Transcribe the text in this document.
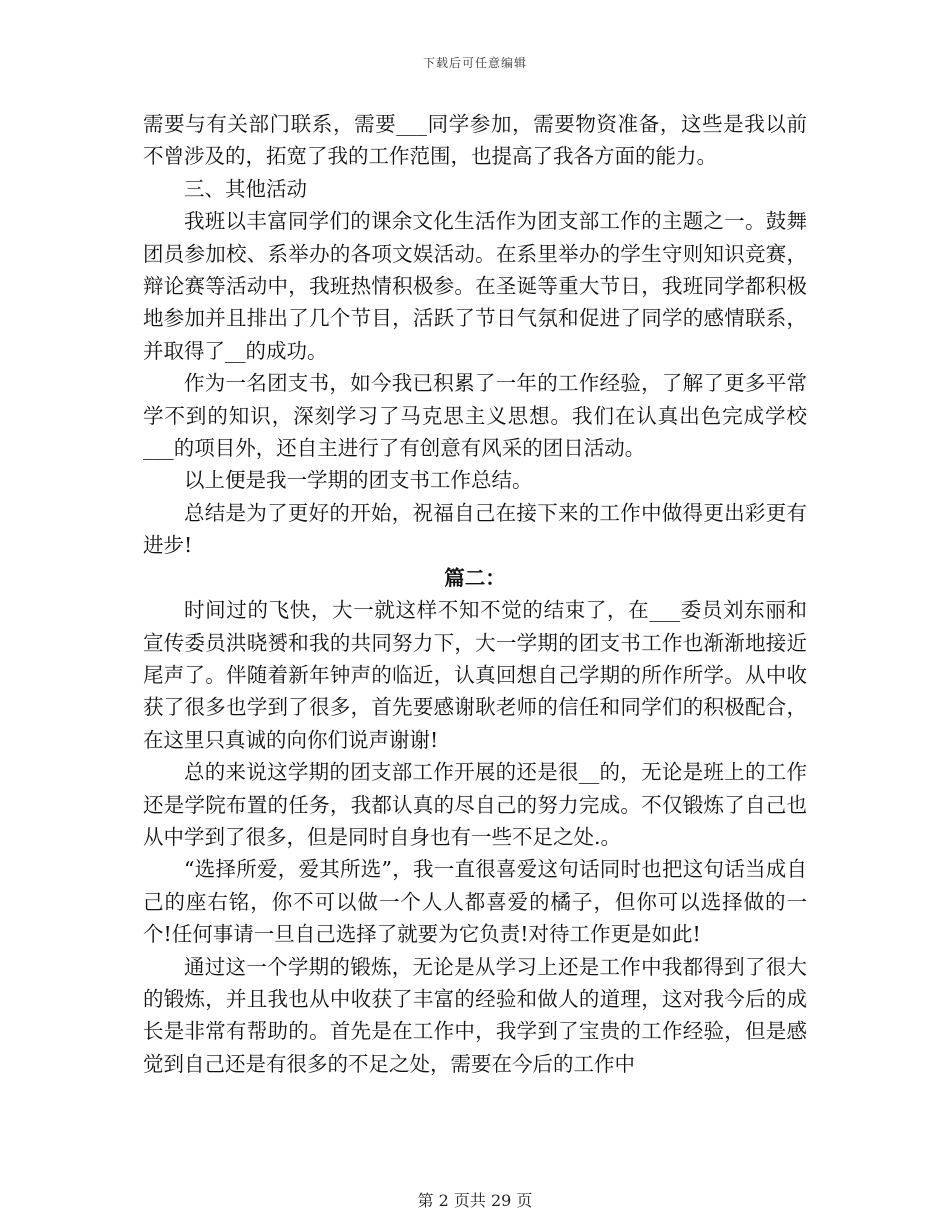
下载后可任意编辑

需要与有关部门联系，需要___同学参加，需要物资准备，这些是我以前不曾涉及的，拓宽了我的工作范围，也提高了我各方面的能力。

三、其他活动

我班以丰富同学们的课余文化生活作为团支部工作的主题之一。鼓舞团员参加校、系举办的各项文娱活动。在系里举办的学生守则知识竞赛，辩论赛等活动中，我班热情积极参。在圣诞等重大节日，我班同学都积极地参加并且排出了几个节目，活跃了节日气氛和促进了同学的感情联系，并取得了__的成功。

作为一名团支书，如今我已积累了一年的工作经验，了解了更多平常学不到的知识，深刻学习了马克思主义思想。我们在认真出色完成学校___的项目外，还自主进行了有创意有风采的团日活动。

以上便是我一学期的团支书工作总结。

总结是为了更好的开始，祝福自己在接下来的工作中做得更出彩更有进步!

篇二：

时间过的飞快，大一就这样不知不觉的结束了，在___委员刘东丽和宣传委员洪晓赟和我的共同努力下，大一学期的团支书工作也渐渐地接近尾声了。伴随着新年钟声的临近，认真回想自己学期的所作所学。从中收获了很多也学到了很多，首先要感谢耿老师的信任和同学们的积极配合，在这里只真诚的向你们说声谢谢!

总的来说这学期的团支部工作开展的还是很__的，无论是班上的工作还是学院布置的任务，我都认真的尽自己的努力完成。不仅锻炼了自己也从中学到了很多，但是同时自身也有一些不足之处.。

“选择所爱，爱其所选”，我一直很喜爱这句话同时也把这句话当成自己的座右铭，你不可以做一个人人都喜爱的橘子，但你可以选择做的一个!任何事请一旦自己选择了就要为它负责!对待工作更是如此!

通过这一个学期的锻炼，无论是从学习上还是工作中我都得到了很大的锻炼，并且我也从中收获了丰富的经验和做人的道理，这对我今后的成长是非常有帮助的。首先是在工作中，我学到了宝贵的工作经验，但是感觉到自己还是有很多的不足之处，需要在今后的工作中

第 2 页共 29 页
